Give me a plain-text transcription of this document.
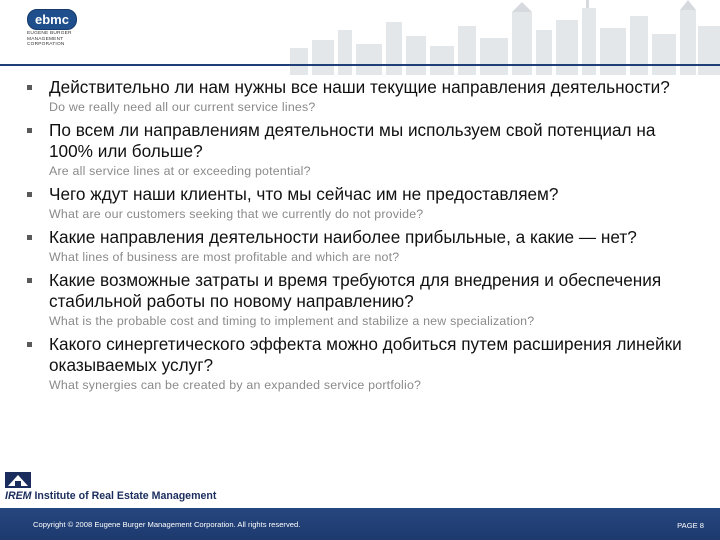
ebmc
EUGENE BURGER
MANAGEMENT
CORPORATION
Действительно ли нам нужны все наши текущие направления деятельности?
Do we really need all our current service lines?
По всем ли направлениям деятельности мы используем свой потенциал на 100% или больше?
Are all service lines at or exceeding potential?
Чего ждут наши клиенты, что мы сейчас им не предоставляем?
What are our customers seeking that we currently do not provide?
Какие направления деятельности наиболее прибыльные, а какие — нет?
What lines of business are most profitable and which are not?
Какие возможные затраты и время требуются для внедрения и обеспечения стабильной работы по новому направлению?
What is the probable cost and timing to implement and stabilize a new specialization?
Какого синергетического эффекта можно добиться путем расширения линейки оказываемых услуг?
What synergies can be created by an expanded service portfolio?
IREM Institute of Real Estate Management
Copyright © 2008 Eugene Burger Management Corporation. All rights reserved.	PAGE 8
